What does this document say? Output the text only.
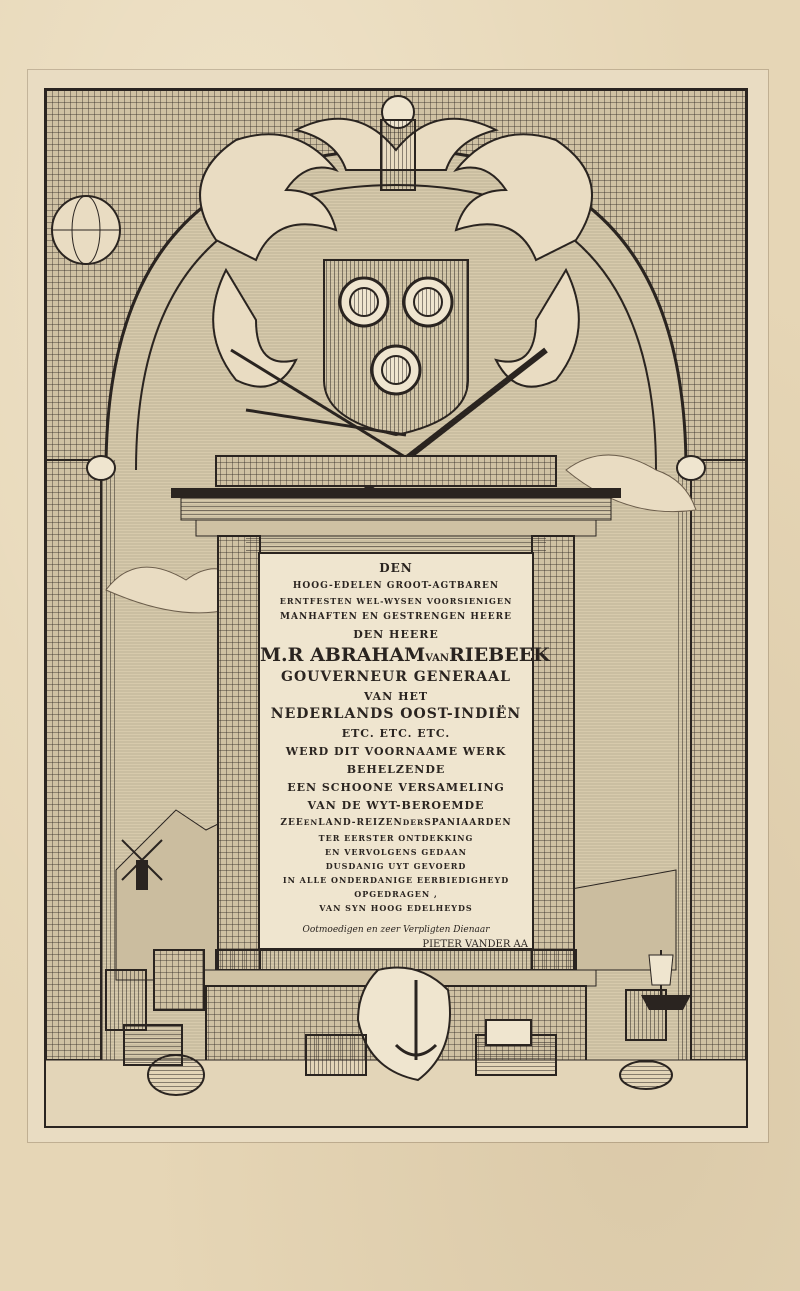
DEN
HOOG-EDELEN GROOT-AGTBAREN
ERNTFESTEN WEL-WYSEN VOORSIENIGEN
MANHAFTEN EN GESTRENGEN HEERE
DEN HEERE
M.R ABRAHAMVANRIEBEEK
GOUVERNEUR GENERAAL
VAN HET
NEDERLANDS OOST-INDIËN
ETC. ETC. ETC.
WERD DIT VOORNAAME WERK
BEHELZENDE
EEN SCHOONE VERSAMELING
VAN DE WYT-BEROEMDE
ZEEENLAND-REIZENDERSPANIAARDEN
TER EERSTER ONTDEKKING
EN VERVOLGENS GEDAAN
DUSDANIG UYT GEVOERD
IN ALLE ONDERDANIGE EERBIEDIGHEYD
OPGEDRAGEN ,
VAN SYN HOOG EDELHEYDS
Ootmoedigen en zeer Verpligten Dienaar
PIETER VANDER AA
